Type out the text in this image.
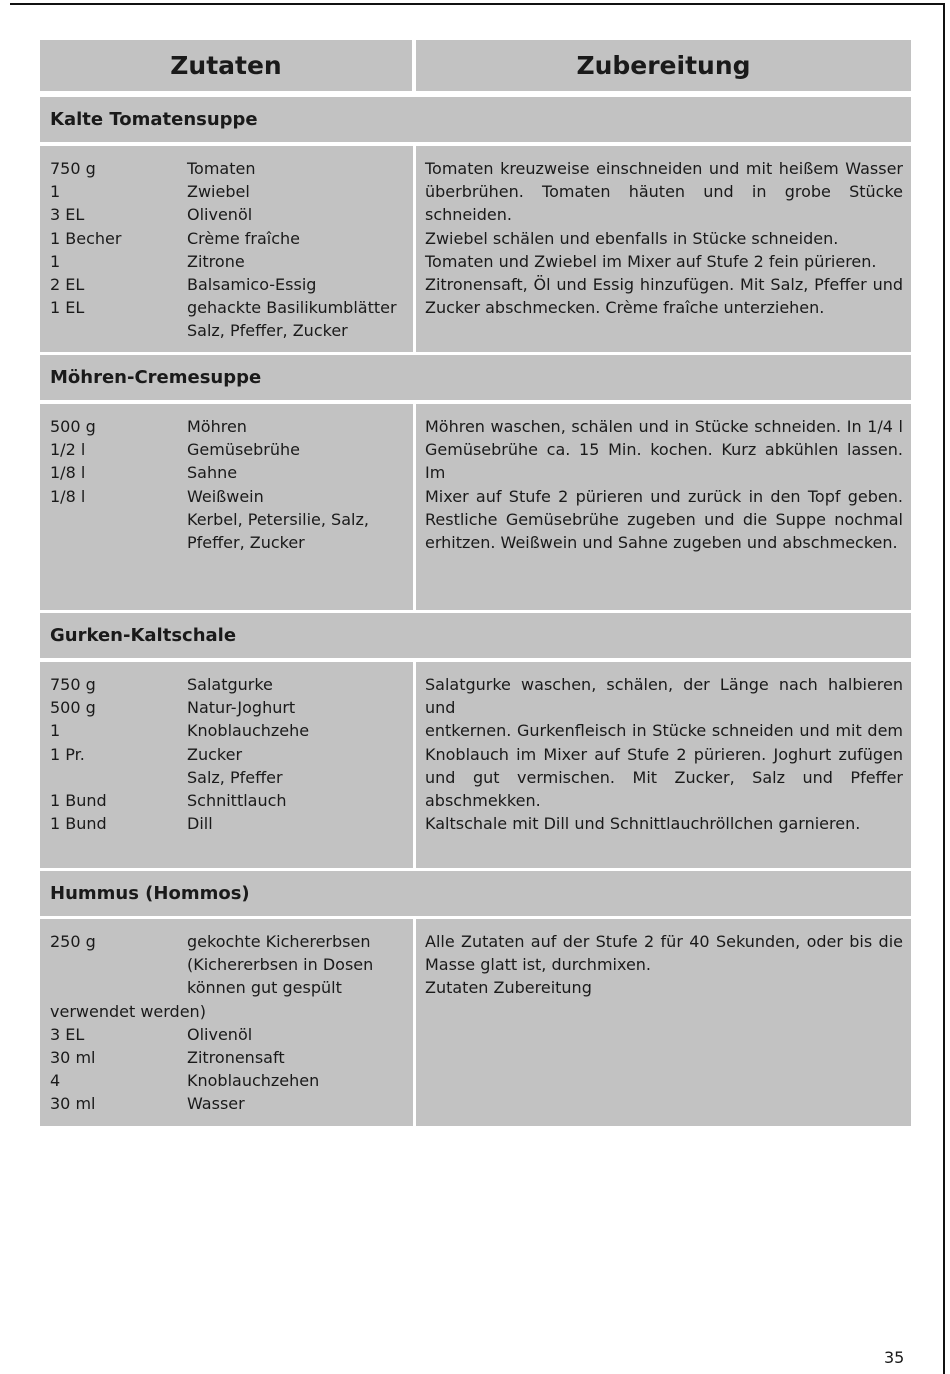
Zutaten	Zubereitung
Kalte Tomatensuppe
750 g	Tomaten
1	Zwiebel
3 EL	Olivenöl
1 Becher	Crème fraîche
1	Zitrone
2 EL	Balsamico-Essig
1 EL	gehackte Basilikumblätter
Salz, Pfeffer, Zucker

Tomaten kreuzweise einschneiden und mit heißem Wasser

überbrühen. Tomaten häuten und in grobe Stücke schneiden.

Zwiebel schälen und ebenfalls in Stücke schneiden.

Tomaten und Zwiebel im Mixer auf Stufe 2 fein pürieren.

Zitronensaft, Öl und Essig hinzufügen. Mit Salz, Pfeffer und

Zucker abschmecken. Crème fraîche unterziehen.

Möhren-Cremesuppe
500 g	Möhren
1/2 l	Gemüsebrühe
1/8 l	Sahne
1/8 l	Weißwein
Kerbel, Petersilie, Salz,
Pfeffer, Zucker

Möhren waschen, schälen und in Stücke schneiden. In 1/4 l

Gemüsebrühe ca. 15 Min. kochen. Kurz abkühlen lassen. Im

Mixer auf Stufe 2 pürieren und zurück in den Topf geben.

Restliche Gemüsebrühe zugeben und die Suppe nochmal

erhitzen. Weißwein und Sahne zugeben und abschmecken.

Gurken-Kaltschale
750 g	Salatgurke
500 g	Natur-Joghurt
1	Knoblauchzehe
1 Pr.	Zucker
Salz, Pfeffer
1 Bund	Schnittlauch
1 Bund	Dill

Salatgurke waschen, schälen, der Länge nach halbieren und

entkernen. Gurkenfleisch in Stücke schneiden und mit dem

Knoblauch im Mixer auf Stufe 2 pürieren. Joghurt zufügen

und gut vermischen. Mit Zucker, Salz und Pfeffer

abschmekken.

Kaltschale mit Dill und Schnittlauchröllchen garnieren.

Hummus (Hommos)
250 g	gekochte Kichererbsen
(Kichererbsen in Dosen
können gut gespült
verwendet werden)
3 EL	Olivenöl
30 ml	Zitronensaft
4	Knoblauchzehen
30 ml	Wasser

Alle Zutaten auf der Stufe 2 für 40 Sekunden, oder bis die

Masse glatt ist, durchmixen.

Zutaten Zubereitung

35
